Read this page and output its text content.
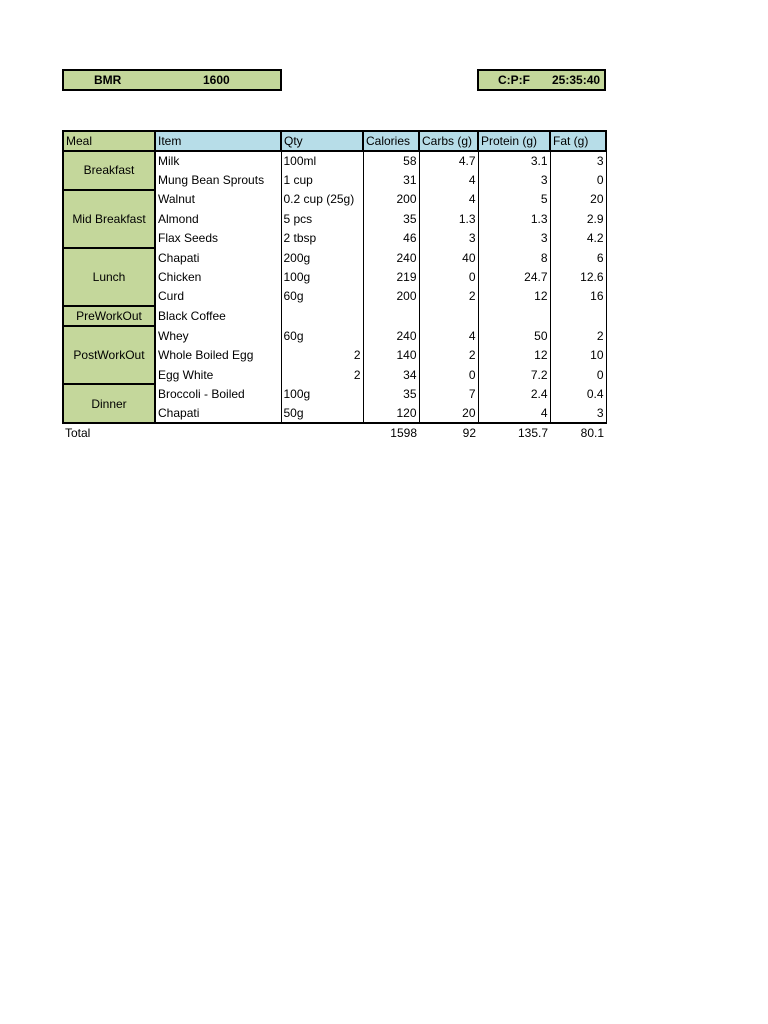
BMR	1600	C:P:F 25:35:40
Meal	Item	Qty	Calories	Carbs (g)	Protein (g)	Fat (g)
Breakfast	Milk	100ml	58	4.7	3.1	3
	Mung Bean Sprouts	1 cup	31	4	3	0
Mid Breakfast	Walnut	0.2 cup (25g)	200	4	5	20
	Almond	5 pcs	35	1.3	1.3	2.9
	Flax Seeds	2 tbsp	46	3	3	4.2
Lunch	Chapati	200g	240	40	8	6
	Chicken	100g	219	0	24.7	12.6
	Curd	60g	200	2	12	16
PreWorkOut	Black Coffee					
PostWorkOut	Whey	60g	240	4	50	2
	Whole Boiled Egg	2	140	2	12	10
	Egg White	2	34	0	7.2	0
Dinner	Broccoli - Boiled	100g	35	7	2.4	0.4
	Chapati	50g	120	20	4	3
Total			1598	92	135.7	80.1
